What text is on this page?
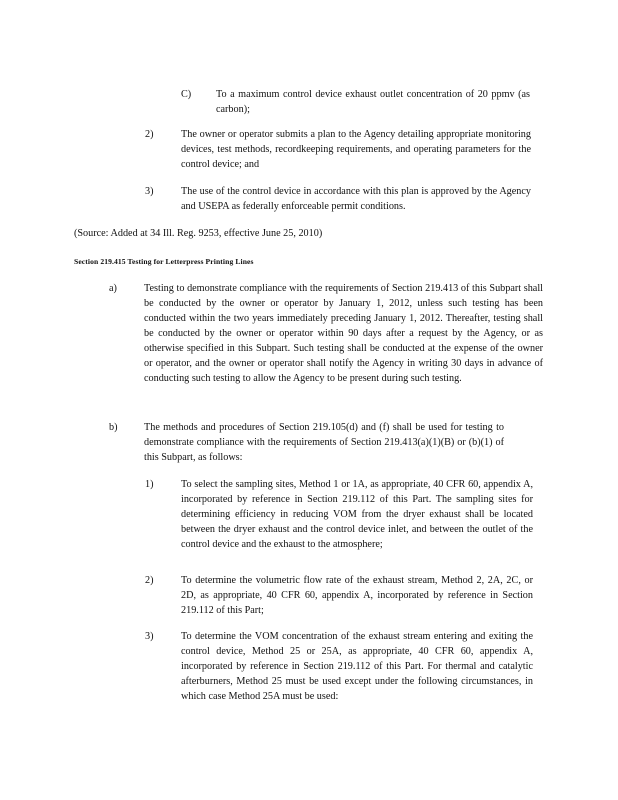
C) To a maximum control device exhaust outlet concentration of 20 ppmv (as carbon);
2)	The owner or operator submits a plan to the Agency detailing appropriate monitoring devices, test methods, recordkeeping requirements, and operating parameters for the control device; and
3)	The use of the control device in accordance with this plan is approved by the Agency and USEPA as federally enforceable permit conditions.
(Source: Added at 34 Ill. Reg. 9253, effective June 25, 2010)
Section 219.415 Testing for Letterpress Printing Lines
a)	Testing to demonstrate compliance with the requirements of Section 219.413 of this Subpart shall be conducted by the owner or operator by January 1, 2012, unless such testing has been conducted within the two years immediately preceding January 1, 2012. Thereafter, testing shall be conducted by the owner or operator within 90 days after a request by the Agency, or as otherwise specified in this Subpart. Such testing shall be conducted at the expense of the owner or operator, and the owner or operator shall notify the Agency in writing 30 days in advance of conducting such testing to allow the Agency to be present during such testing.
b)	The methods and procedures of Section 219.105(d) and (f) shall be used for testing to demonstrate compliance with the requirements of Section 219.413(a)(1)(B) or (b)(1) of this Subpart, as follows:
1)	To select the sampling sites, Method 1 or 1A, as appropriate, 40 CFR 60, appendix A, incorporated by reference in Section 219.112 of this Part. The sampling sites for determining efficiency in reducing VOM from the dryer exhaust shall be located between the dryer exhaust and the control device inlet, and between the outlet of the control device and the exhaust to the atmosphere;
2)	To determine the volumetric flow rate of the exhaust stream, Method 2, 2A, 2C, or 2D, as appropriate, 40 CFR 60, appendix A, incorporated by reference in Section 219.112 of this Part;
3)	To determine the VOM concentration of the exhaust stream entering and exiting the control device, Method 25 or 25A, as appropriate, 40 CFR 60, appendix A, incorporated by reference in Section 219.112 of this Part. For thermal and catalytic afterburners, Method 25 must be used except under the following circumstances, in which case Method 25A must be used:
